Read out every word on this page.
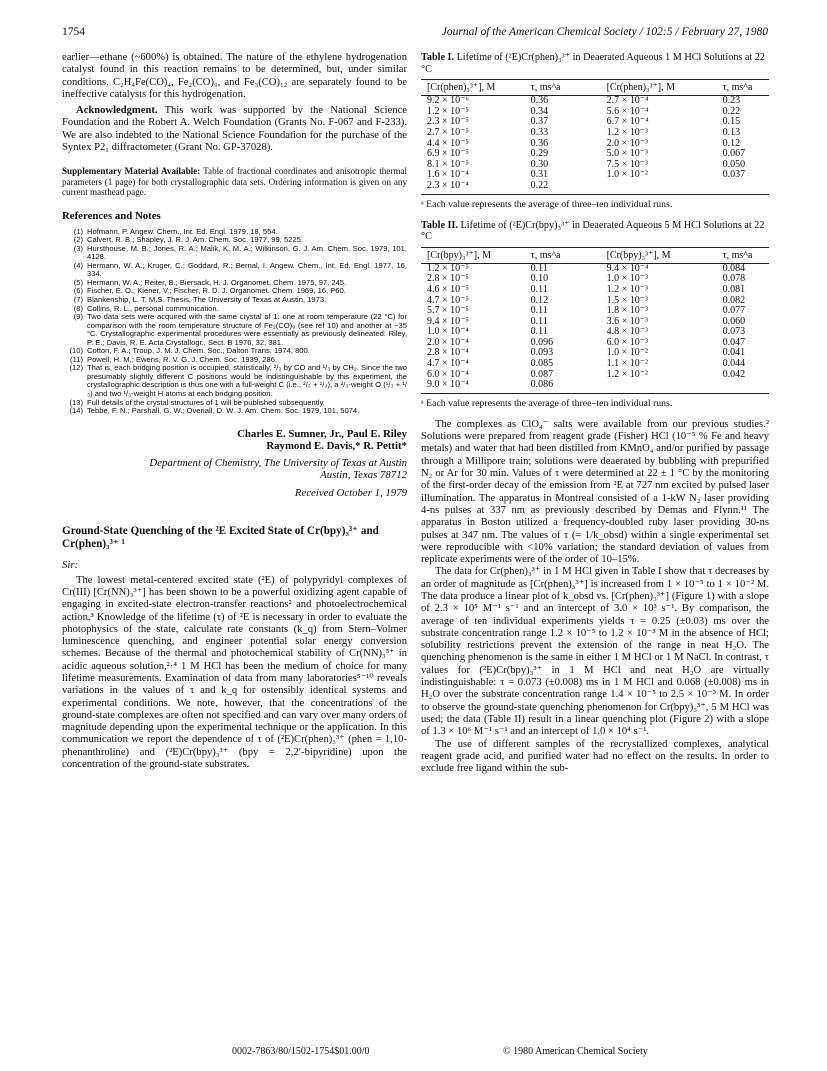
1754	Journal of the American Chemical Society / 102:5 / February 27, 1980

earlier—ethane (~600%) is obtained. The nature of the ethylene hydrogenation catalyst found in this reaction remains to be determined, but, under similar conditions, C₂H₄Fe(CO)₄, Fe₂(CO)₉, and Fe₃(CO)₁₂ are separately found to be ineffective catalysts for this hydrogenation.

Acknowledgment. This work was supported by the National Science Foundation and the Robert A. Welch Foundation (Grants No. F-067 and F-233). We are also indebted to the National Science Foundation for the purchase of the Syntex P2₁ diffractometer (Grant No. GP-37028).

Supplementary Material Available: Table of fractional coordinates and anisotropic thermal parameters (1 page) for both crystallographic data sets. Ordering information is given on any current masthead page.

References and Notes
(1) Hofmann, P. Angew. Chem., Int. Ed. Engl. 1979, 18, 554.
(2) Calvert, R. B.; Shapley, J. R. J. Am. Chem. Soc. 1977, 99, 5225.
(3) Hursthouse, M. B.; Jones, R. A.; Malik, K. M. A.; Wilkinson, G. J. Am. Chem. Soc. 1979, 101, 4128.
(4) Hermann, W. A.; Kruger, C.; Goddard, R.; Bernal, I. Angew. Chem., Int. Ed. Engl. 1977, 16, 334.
(5) Hermann, W. A.; Reiter, B.; Biersack, H. J. Organomet. Chem. 1975, 97, 245.
(6) Fischer, E. O.; Kiener, V.; Fischer, R. D. J. Organomet. Chem. 1969, 16, P60.
(7) Blankenship, L. T. M.S. Thesis, The University of Texas at Austin, 1973.
(8) Collins, R. L., personal communication.
(9) Two data sets were acquired with the same crystal of 1: one at room temperature (22 °C) for comparison with the room temperature structure of Fe₂(CO)₉ (see ref 10) and another at −35 °C. Crystallographic experimental procedures were essentially as previously delineated: Riley, P. E.; Davis, R. E. Acta Crystallogr., Sect. B 1976, 32, 381.
(10) Cotton, F. A.; Troup, J. M. J. Chem. Soc., Dalton Trans. 1974, 800.
(11) Powell, H. M.; Ewens, R. V. G. J. Chem. Soc. 1939, 286.
(12) That is, each bridging position is occupied, statistically, ²/₃ by CO and ¹/₃ by CH₂. Since the two presumably slightly different C positions would be indistinguishable by this experiment, the crystallographic description is thus one with a full-weight C (i.e., ²/₃ + ¹/₃), a ²/₃-weight O (¹/₃ + ¹/₃) and two ¹/₃-weight H atoms at each bridging position.
(13) Full details of the crystal structures of 1 will be published subsequently.
(14) Tebbe, F. N.; Parshall, G. W.; Ovenall, D. W. J. Am. Chem. Soc. 1979, 101, 5074.
Charles E. Sumner, Jr., Paul E. Riley
Raymond E. Davis,* R. Pettit*
Department of Chemistry, The University of Texas at Austin
Austin, Texas 78712
Received October 1, 1979
Ground-State Quenching of the ²E Excited State of Cr(bpy)₃³⁺ and Cr(phen)₃³⁺ ¹
Sir:

The lowest metal-centered excited state (²E) of polypyridyl complexes of Cr(III) [Cr(NN)₃³⁺] has been shown to be a powerful oxidizing agent capable of engaging in excited-state electron-transfer reactions² and photoelectrochemical action.³ Knowledge of the lifetime (τ) of ²E is necessary in order to evaluate the photophysics of the state, calculate rate constants (k_q) from Stern–Volmer luminescence quenching, and engineer potential solar energy conversion schemes. Because of the thermal and photochemical stability of Cr(NN)₃³⁺ in acidic aqueous solution,²·⁴ 1 M HCl has been the medium of choice for many lifetime measurements. Examination of data from many laboratories⁵⁻¹⁰ reveals variations in the values of τ and k_q for ostensibly identical systems and experimental conditions. We note, however, that the concentrations of the ground-state complexes are often not specified and can vary over many orders of magnitude depending upon the experimental technique or the application. In this communication we report the dependence of τ of (²E)Cr(phen)₃³⁺ (phen = 1,10-phenanthroline) and (²E)Cr(bpy)₃³⁺ (bpy = 2,2′-bipyridine) upon the concentration of the ground-state substrates.

Table I. Lifetime of (²E)Cr(phen)₃³⁺ in Deaerated Aqueous 1 M HCl Solutions at 22 °C

[Cr(phen)₃³⁺], M	τ, ms^a	[Cr(phen)₃³⁺], M	τ, ms^a
9.2 × 10⁻⁶	0.36	2.7 × 10⁻⁴	0.23
1.2 × 10⁻⁵	0.34	5.6 × 10⁻⁴	0.22
2.3 × 10⁻⁵	0.37	6.7 × 10⁻⁴	0.15
2.7 × 10⁻⁵	0.33	1.2 × 10⁻³	0.13
4.4 × 10⁻⁵	0.36	2.0 × 10⁻³	0.12
6.9 × 10⁻⁵	0.29	5.0 × 10⁻³	0.067
8.1 × 10⁻⁵	0.30	7.5 × 10⁻³	0.050
1.6 × 10⁻⁴	0.31	1.0 × 10⁻²	0.037
2.3 × 10⁻⁴	0.22		
ᵃ Each value represents the average of three–ten individual runs.

Table II. Lifetime of (²E)Cr(bpy)₃³⁺ in Deaerated Aqueous 5 M HCl Solutions at 22 °C

[Cr(bpy)₃³⁺], M	τ, ms^a	[Cr(bpy)₃³⁺], M	τ, ms^a
1.2 × 10⁻⁵	0.11	9.4 × 10⁻⁴	0.084
2.8 × 10⁻⁵	0.10	1.0 × 10⁻³	0.078
4.6 × 10⁻⁵	0.11	1.2 × 10⁻³	0.081
4.7 × 10⁻⁵	0.12	1.5 × 10⁻³	0.082
5.7 × 10⁻⁵	0.11	1.8 × 10⁻³	0.077
9.4 × 10⁻⁵	0.11	3.6 × 10⁻³	0.060
1.0 × 10⁻⁴	0.11	4.8 × 10⁻³	0.073
2.0 × 10⁻⁴	0.096	6.0 × 10⁻³	0.047
2.8 × 10⁻⁴	0.093	1.0 × 10⁻²	0.041
4.7 × 10⁻⁴	0.085	1.1 × 10⁻²	0.044
6.0 × 10⁻⁴	0.087	1.2 × 10⁻²	0.042
9.0 × 10⁻⁴	0.086		
ᵃ Each value represents the average of three–ten individual runs.

The complexes as ClO₄⁻ salts were available from our previous studies.² Solutions were prepared from reagent grade (Fisher) HCl (10⁻⁵ % Fe and heavy metals) and water that had been distilled from KMnO₄ and/or purified by passage through a Millipore train; solutions were deaerated by bubbling with prepurified N₂ or Ar for 30 min. Values of τ were determined at 22 ± 1 °C by the monitoring of the first-order decay of the emission from ²E at 727 nm excited by pulsed laser illumination. The apparatus in Montreal consisted of a 1-kW N₂ laser providing 4-ns pulses at 337 nm as previously described by Demas and Flynn.¹¹ The apparatus in Boston utilized a frequency-doubled ruby laser providing 30-ns pulses at 347 nm. The values of τ (= 1/k_obsd) within a single experimental set were reproducible with <10% variation; the standard deviation of values from replicate experiments were of the order of 10–15%.

The data for Cr(phen)₃³⁺ in 1 M HCl given in Table I show that τ decreases by an order of magnitude as [Cr(phen)₃³⁺] is increased from 1 × 10⁻⁵ to 1 × 10⁻² M. The data produce a linear plot of k_obsd vs. [Cr(phen)₃³⁺] (Figure 1) with a slope of 2.3 × 10⁵ M⁻¹ s⁻¹ and an intercept of 3.0 × 10³ s⁻¹. By comparison, the average of ten individual experiments yields τ = 0.25 (±0.03) ms over the substrate concentration range 1.2 × 10⁻⁵ to 1.2 × 10⁻³ M in the absence of HCl; solubility restrictions prevent the extension of the range in neat H₂O. The quenching phenomenon is the same in either 1 M HCl or 1 M NaCl. In contrast, τ values for (²E)Cr(bpy)₃³⁺ in 1 M HCl and neat H₂O are virtually indistinguishable: τ = 0.073 (±0.008) ms in 1 M HCl and 0.068 (±0.008) ms in H₂O over the substrate concentration range 1.4 × 10⁻⁵ to 2.5 × 10⁻³ M. In order to observe the ground-state quenching phenomenon for Cr(bpy)₃³⁺, 5 M HCl was used; the data (Table II) result in a linear quenching plot (Figure 2) with a slope of 1.3 × 10⁶ M⁻¹ s⁻¹ and an intercept of 1.0 × 10⁴ s⁻¹.

The use of different samples of the recrystallized complexes, analytical reagent grade acid, and purified water had no effect on the results. In order to exclude free ligand within the sub-

0002-7863/80/1502-1754$01.00/0	© 1980 American Chemical Society
